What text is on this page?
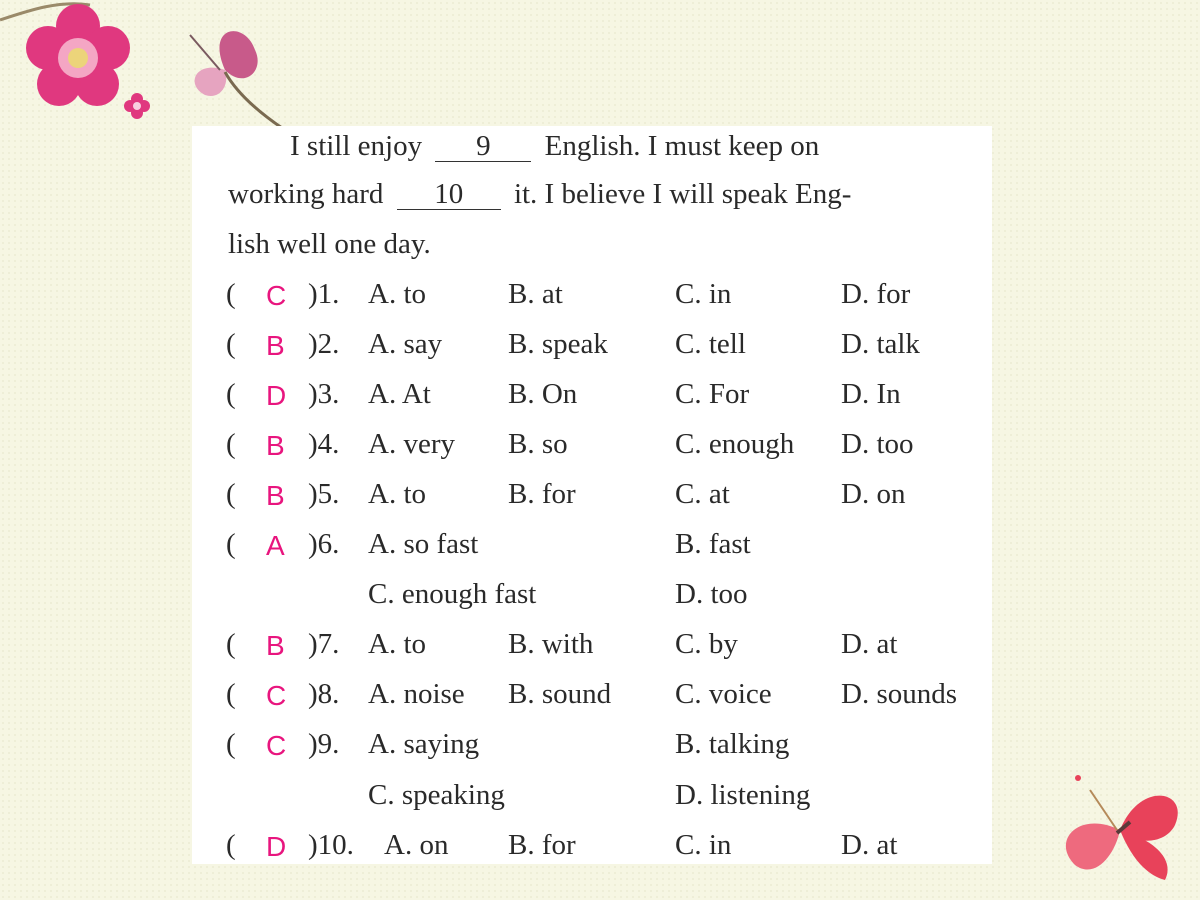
I still enjoy 9 English. I must keep on
working hard 10 it. I believe I will speak Eng-
lish well one day.
( C )1. A. to	B. at	C. in	D. for
( B )2. A. say B. speak C. tell	D. talk
( D )3. A. At	B. On	C. For	D. In
( B )4. A. very B. so	C. enough D. too
( B )5. A. to	B. for	C. at	D. on
( A )6. A. so fast	B. fast
C. enough fast	D. too
( B )7. A. to	B. with	C. by	D. at
( C )8. A. noise B. sound C. voice D. sounds
( C )9. A. saying	B. talking
C. speaking	D. listening
( D )10. A. on B. for	C. in	D. at
